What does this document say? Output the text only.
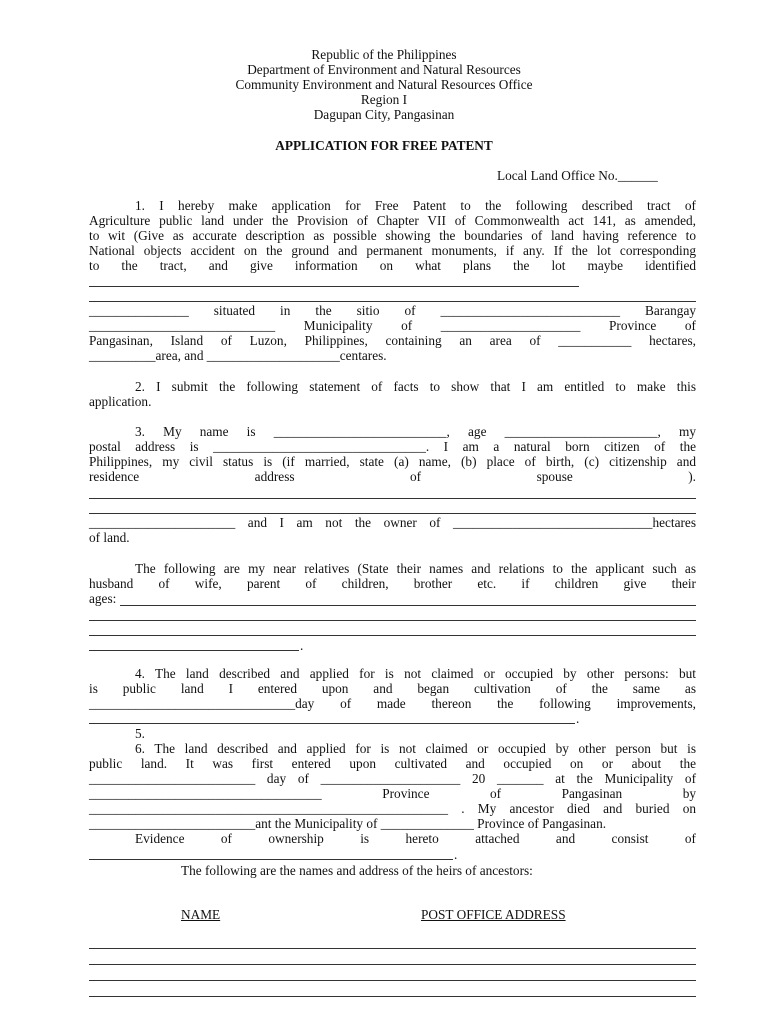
Republic of the Philippines
Department of Environment and Natural Resources
Community Environment and Natural Resources Office
Region I
Dagupan City, Pangasinan
APPLICATION FOR FREE PATENT
Local Land Office No.______
1. I hereby make application for Free Patent to the following described tract of
Agriculture public land under the Provision of Chapter VII of Commonwealth act 141, as amended,
to wit (Give as accurate description as possible showing the boundaries of land having reference to
National objects accident on the ground and permanent monuments, if any. If the lot corresponding
to the tract, and give information on what plans the lot maybe identified
_______________ situated in the sitio of ___________________________ Barangay
____________________________ Municipality of _____________________ Province of
Pangasinan, Island of Luzon, Philippines, containing an area of ___________ hectares,
__________area, and ____________________centares.
2. I submit the following statement of facts to show that I am entitled to make this
application.
3. My name is __________________________, age _______________________, my
postal address is ________________________________. I am a natural born citizen of the
Philippines, my civil status is (if married, state (a) name, (b) place of birth, (c) citizenship and
residence address of spouse ).
______________________ and I am not the owner of ______________________________hectares
of land.
The following are my near relatives (State their names and relations to the applicant such as
husband of wife, parent of children, brother etc. if children give their
ages:
.
4. The land described and applied for is not claimed or occupied by other persons: but
is public land I entered upon and began cultivation of the same as
_______________________________day of made thereon the following improvements,
.
5.
6. The land described and applied for is not claimed or occupied by other person but is
public land. It was first entered upon cultivated and occupied on or about the
_________________________ day of _____________________ 20 _______ at the Municipality of
___________________________________ Province of Pangasinan by
______________________________________________________ . My ancestor died and buried on
_________________________ant the Municipality of ______________ Province of Pangasinan.
Evidence of ownership is hereto attached and consist of
.
The following are the names and address of the heirs of ancestors:
NAME	POST OFFICE ADDRESS
